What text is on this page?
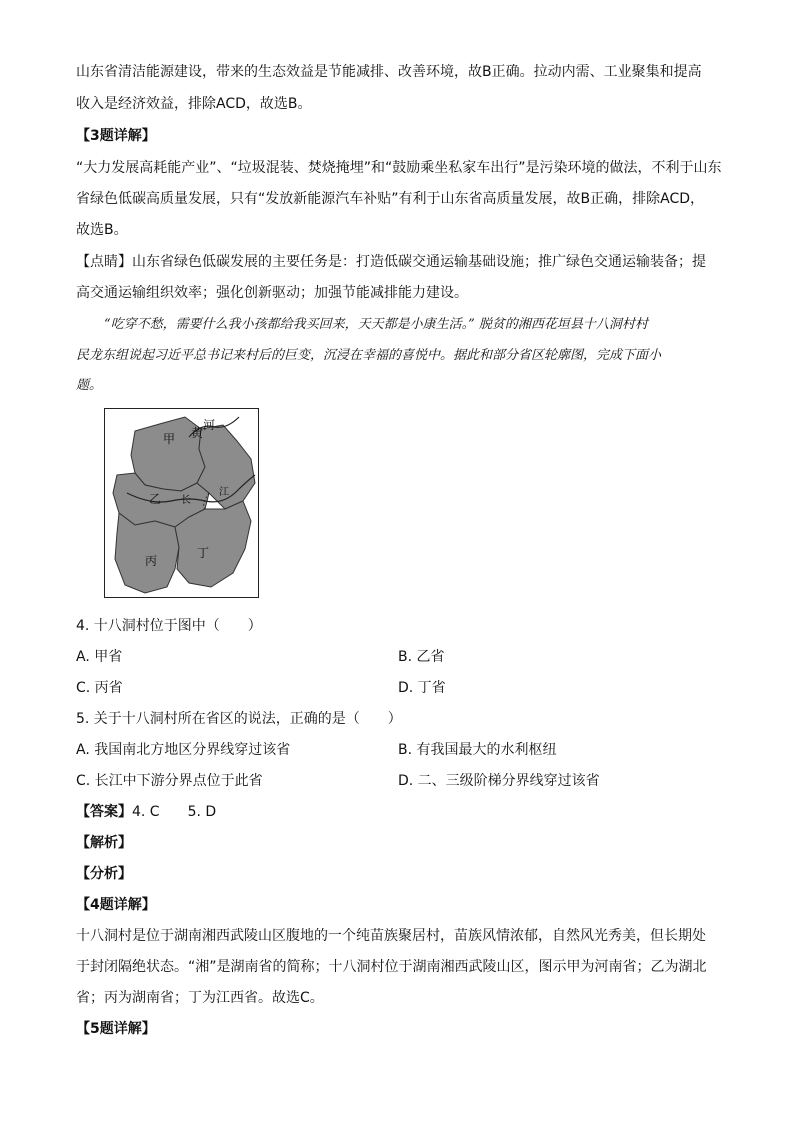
山东省清洁能源建设，带来的生态效益是节能减排、改善环境，故B正确。拉动内需、工业聚集和提高
收入是经济效益，排除ACD，故选B。
【3题详解】
“大力发展高耗能产业”、“垃圾混装、焚烧掩埋”和“鼓励乘坐私家车出行”是污染环境的做法，不利于山东
省绿色低碳高质量发展，只有“发放新能源汽车补贴”有利于山东省高质量发展，故B正确，排除ACD，
故选B。
【点睛】山东省绿色低碳发展的主要任务是：打造低碳交通运输基础设施；推广绿色交通运输装备；提
高交通运输组织效率；强化创新驱动；加强节能减排能力建设。
“吃穿不愁，需要什么我小孩都给我买回来，天天都是小康生活。” 脱贫的湘西花垣县十八洞村村
民龙东组说起习近平总书记来村后的巨变，沉浸在幸福的喜悦中。据此和部分省区轮廓图，完成下面小
题。
河
黄
甲
乙 长
江
丙
丁
4. 十八洞村位于图中（　　）
A. 甲省	B. 乙省
C. 丙省	D. 丁省
5. 关于十八洞村所在省区的说法，正确的是（　　）
A. 我国南北方地区分界线穿过该省	B. 有我国最大的水利枢纽
C. 长江中下游分界点位于此省	D. 二、三级阶梯分界线穿过该省
【答案】4. C 5. D
【解析】
【分析】
【4题详解】
十八洞村是位于湖南湘西武陵山区腹地的一个纯苗族聚居村，苗族风情浓郁，自然风光秀美，但长期处
于封闭隔绝状态。“湘”是湖南省的简称；十八洞村位于湖南湘西武陵山区，图示甲为河南省；乙为湖北
省；丙为湖南省；丁为江西省。故选C。
【5题详解】
